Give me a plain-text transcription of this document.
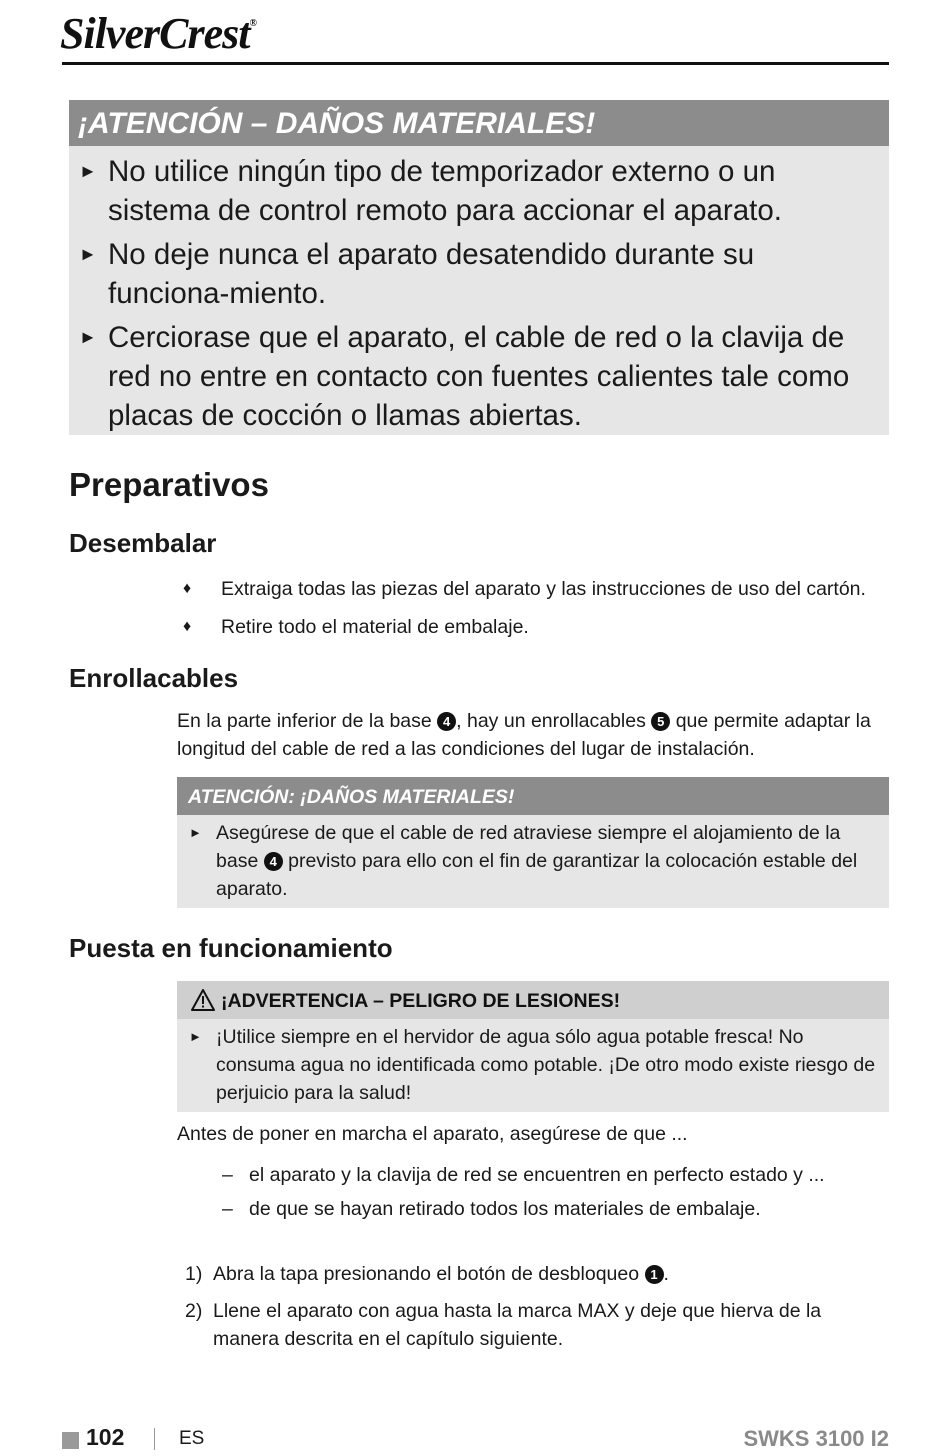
SilverCrest®
¡ATENCIÓN – DAÑOS MATERIALES!
► No utilice ningún tipo de temporizador externo o un sistema de control remoto para accionar el aparato.
► No deje nunca el aparato desatendido durante su funciona-miento.
► Cerciorase que el aparato, el cable de red o la clavija de red no entre en contacto con fuentes calientes tale como placas de cocción o llamas abiertas.
Preparativos
Desembalar
♦ Extraiga todas las piezas del aparato y las instrucciones de uso del cartón.
♦ Retire todo el material de embalaje.
Enrollacables

En la parte inferior de la base 4 , hay un enrollacables 5 que permite adaptar la longitud del cable de red a las condiciones del lugar de instalación.

ATENCIÓN: ¡DAÑOS MATERIALES!
► Asegúrese de que el cable de red atraviese siempre el alojamiento de la base 4 previsto para ello con el fin de garantizar la colocación estable del aparato.
Puesta en funcionamiento
¡ADVERTENCIA – PELIGRO DE LESIONES!
► ¡Utilice siempre en el hervidor de agua sólo agua potable fresca! No consuma agua no identificada como potable. ¡De otro modo existe riesgo de perjuicio para la salud!

Antes de poner en marcha el aparato, asegúrese de que ...

– el aparato y la clavija de red se encuentren en perfecto estado y ...
– de que se hayan retirado todos los materiales de embalaje.
1) Abra la tapa presionando el botón de desbloqueo 1 .
2) Llene el aparato con agua hasta la marca MAX y deje que hierva de la manera descrita en el capítulo siguiente.
102	ES	SWKS 3100 I2
